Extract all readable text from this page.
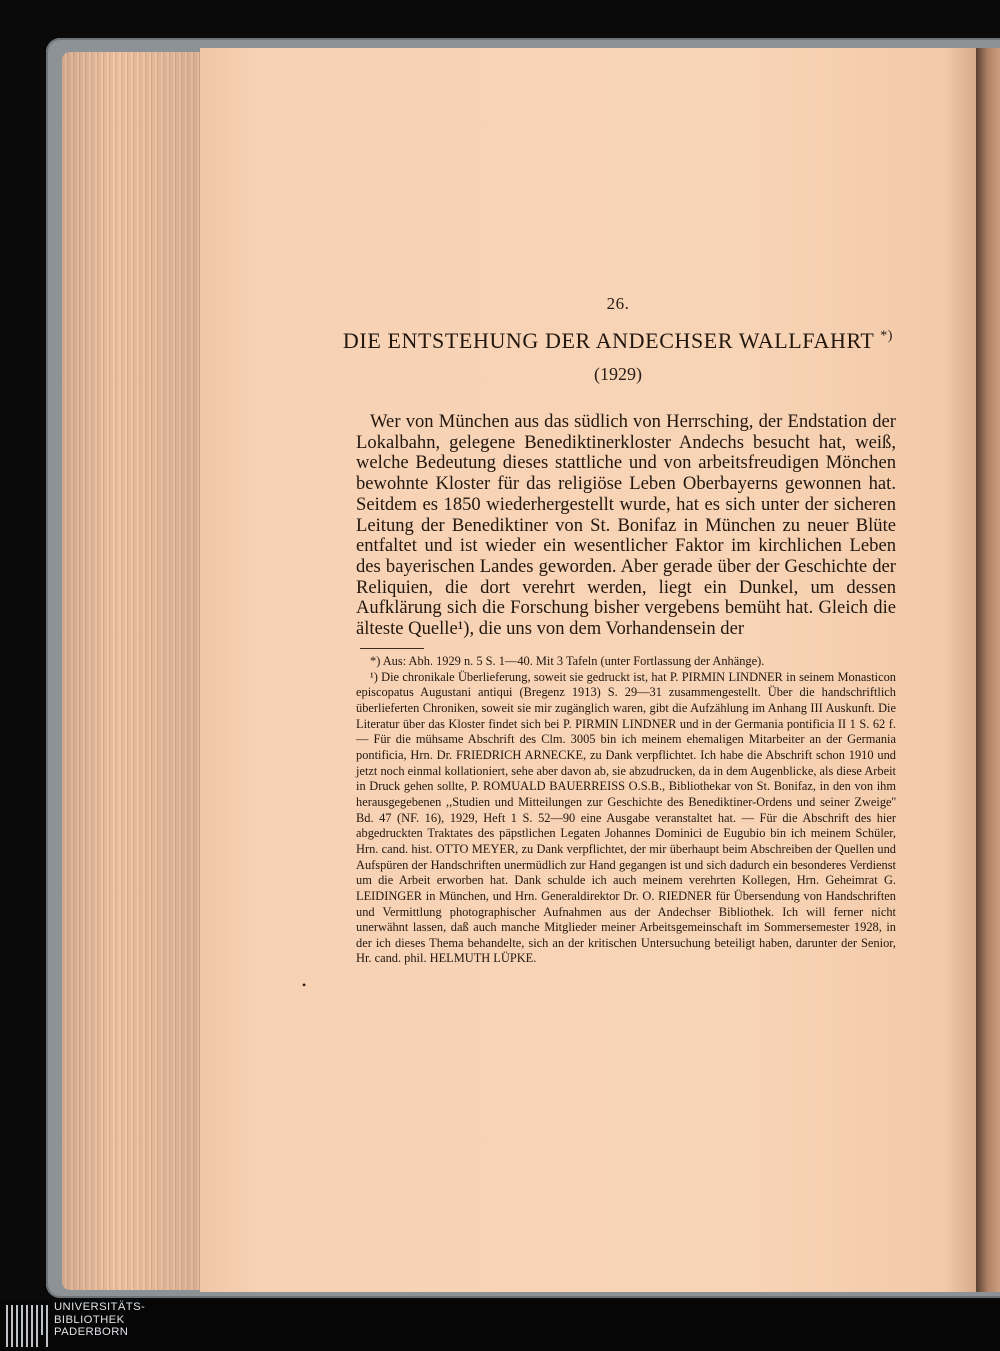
26.
DIE ENTSTEHUNG DER ANDECHSER WALLFAHRT *)
(1929)

Wer von München aus das südlich von Herrsching, der Endstation der Lokalbahn, gelegene Benediktinerkloster Andechs besucht hat, weiß, welche Bedeutung dieses stattliche und von arbeitsfreudigen Mönchen bewohnte Kloster für das religiöse Leben Oberbayerns gewonnen hat. Seitdem es 1850 wiederhergestellt wurde, hat es sich unter der sicheren Leitung der Benediktiner von St. Bonifaz in München zu neuer Blüte entfaltet und ist wieder ein wesentlicher Faktor im kirchlichen Leben des bayerischen Landes geworden. Aber gerade über der Geschichte der Reliquien, die dort verehrt werden, liegt ein Dunkel, um dessen Aufklärung sich die Forschung bisher vergebens bemüht hat. Gleich die älteste Quelle¹), die uns von dem Vorhandensein der

*) Aus: Abh. 1929 n. 5 S. 1—40. Mit 3 Tafeln (unter Fortlassung der Anhänge).

¹) Die chronikale Überlieferung, soweit sie gedruckt ist, hat P. PIRMIN LINDNER in seinem Monasticon episcopatus Augustani antiqui (Bregenz 1913) S. 29—31 zusammengestellt. Über die handschriftlich überlieferten Chroniken, soweit sie mir zugänglich waren, gibt die Aufzählung im Anhang III Auskunft. Die Literatur über das Kloster findet sich bei P. PIRMIN LINDNER und in der Germania pontificia II 1 S. 62 f. — Für die mühsame Abschrift des Clm. 3005 bin ich meinem ehemaligen Mitarbeiter an der Germania pontificia, Hrn. Dr. FRIEDRICH ARNECKE, zu Dank verpflichtet. Ich habe die Abschrift schon 1910 und jetzt noch einmal kollationiert, sehe aber davon ab, sie abzudrucken, da in dem Augenblicke, als diese Arbeit in Druck gehen sollte, P. ROMUALD BAUERREISS O.S.B., Bibliothekar von St. Bonifaz, in den von ihm herausgegebenen ,,Studien und Mitteilungen zur Geschichte des Benediktiner-Ordens und seiner Zweige'' Bd. 47 (NF. 16), 1929, Heft 1 S. 52—90 eine Ausgabe veranstaltet hat. — Für die Abschrift des hier abgedruckten Traktates des päpstlichen Legaten Johannes Dominici de Eugubio bin ich meinem Schüler, Hrn. cand. hist. OTTO MEYER, zu Dank verpflichtet, der mir überhaupt beim Abschreiben der Quellen und Aufspüren der Handschriften unermüdlich zur Hand gegangen ist und sich dadurch ein besonderes Verdienst um die Arbeit erworben hat. Dank schulde ich auch meinem verehrten Kollegen, Hrn. Geheimrat G. LEIDINGER in München, und Hrn. Generaldirektor Dr. O. RIEDNER für Übersendung von Handschriften und Vermittlung photographischer Aufnahmen aus der Andechser Bibliothek. Ich will ferner nicht unerwähnt lassen, daß auch manche Mitglieder meiner Arbeitsgemeinschaft im Sommersemester 1928, in der ich dieses Thema behandelte, sich an der kritischen Untersuchung beteiligt haben, darunter der Senior, Hr. cand. phil. HELMUTH LÜPKE.

•
UNIVERSITÄTS-
BIBLIOTHEK
PADERBORN
